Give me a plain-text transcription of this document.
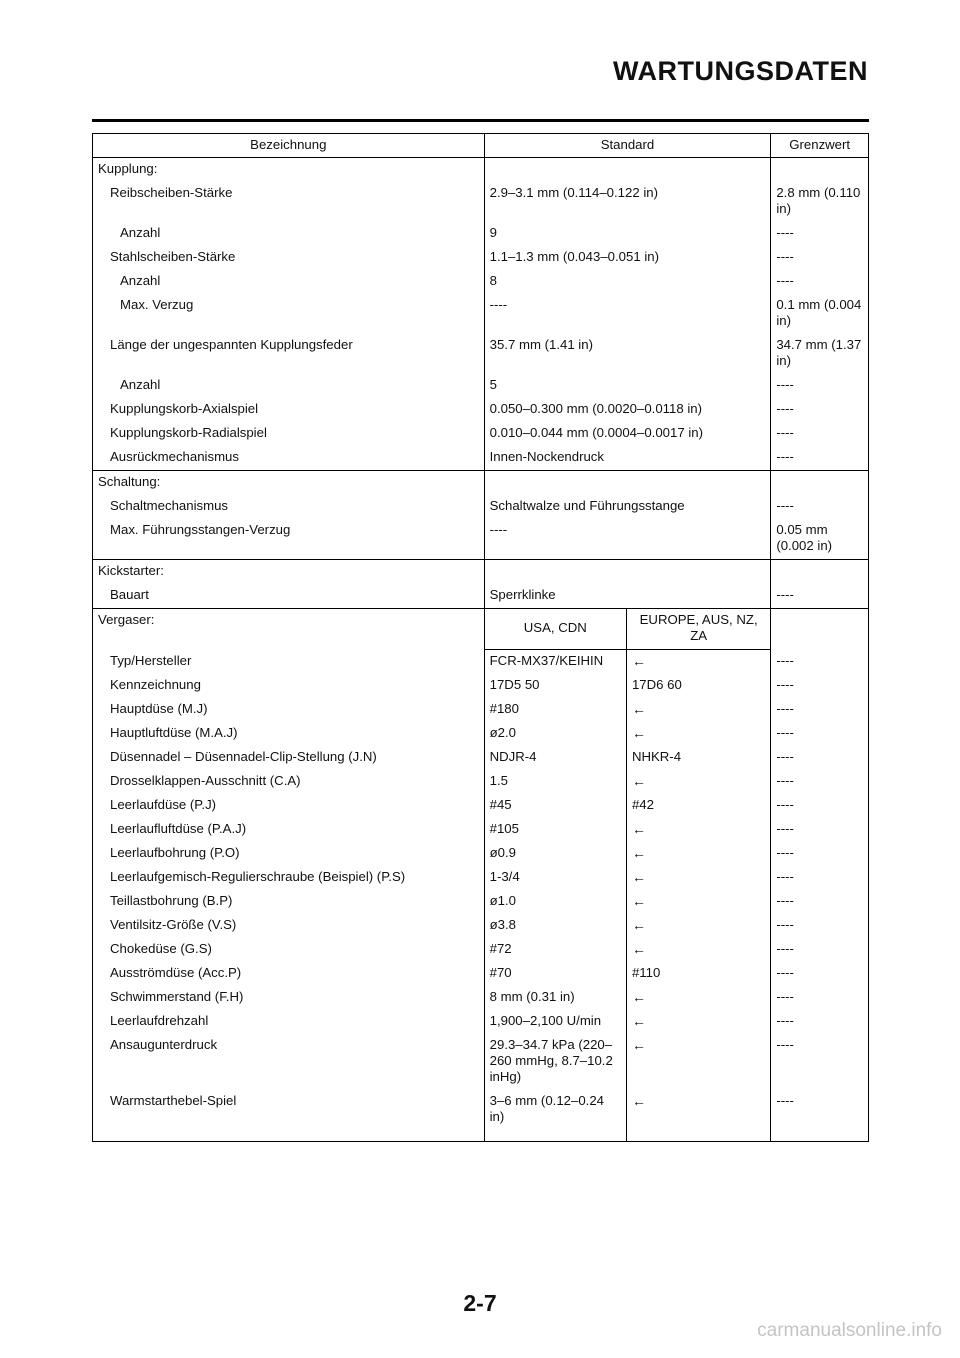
WARTUNGSDATEN
Bezeichnung	Standard		Grenzwert
Kupplung:			
Reibscheiben-Stärke	2.9–3.1 mm (0.114–0.122 in)		2.8 mm (0.110 in)
Anzahl	9		----
Stahlscheiben-Stärke	1.1–1.3 mm (0.043–0.051 in)		----
Anzahl	8		----
Max. Verzug	----		0.1 mm (0.004 in)
Länge der ungespannten Kupplungsfeder	35.7 mm (1.41 in)		34.7 mm (1.37 in)
Anzahl	5		----
Kupplungskorb-Axialspiel	0.050–0.300 mm (0.0020–0.0118 in)		----
Kupplungskorb-Radialspiel	0.010–0.044 mm (0.0004–0.0017 in)		----
Ausrückmechanismus	Innen-Nockendruck		----
Schaltung:			
Schaltmechanismus	Schaltwalze und Führungsstange		----
Max. Führungsstangen-Verzug	----		0.05 mm (0.002 in)
Kickstarter:			
Bauart	Sperrklinke		----
Vergaser:	USA, CDN	EUROPE, AUS, NZ, ZA	
Typ/Hersteller	FCR-MX37/KEIHIN	←	----
Kennzeichnung	17D5 50	17D6 60	----
Hauptdüse (M.J)	#180	←	----
Hauptluftdüse (M.A.J)	ø2.0	←	----
Düsennadel – Düsennadel-Clip-Stellung (J.N)	NDJR-4	NHKR-4	----
Drosselklappen-Ausschnitt (C.A)	1.5	←	----
Leerlaufdüse (P.J)	#45	#42	----
Leerlaufluftdüse (P.A.J)	#105	←	----
Leerlaufbohrung (P.O)	ø0.9	←	----
Leerlaufgemisch-Regulierschraube (Beispiel) (P.S)	1-3/4	←	----
Teillastbohrung (B.P)	ø1.0	←	----
Ventilsitz-Größe (V.S)	ø3.8	←	----
Chokedüse (G.S)	#72	←	----
Ausströmdüse (Acc.P)	#70	#110	----
Schwimmerstand (F.H)	8 mm (0.31 in)	←	----
Leerlaufdrehzahl	1,900–2,100 U/min	←	----
Ansaugunterdruck	29.3–34.7 kPa (220–260 mmHg, 8.7–10.2 inHg)	←	----
Warmstarthebel-Spiel	3–6 mm (0.12–0.24 in)	←	----
2-7
carmanualsonline.info
